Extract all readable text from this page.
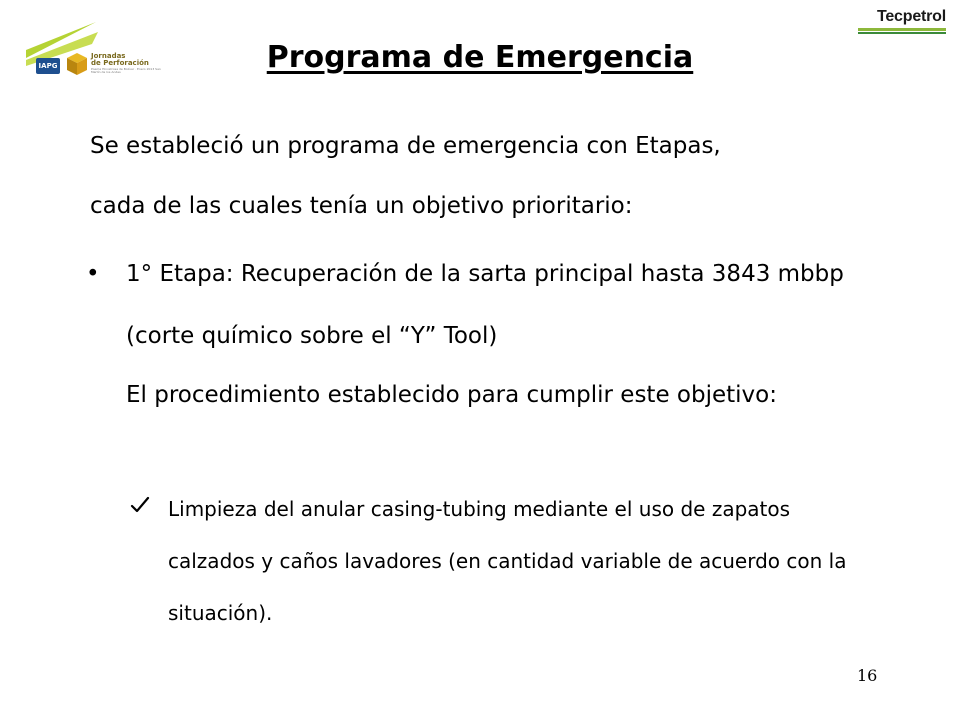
IAPG
Jornadas
de Perforación
Poema Hinostrosa de Bolívar · Enero 2013 San Martín de los Andes
Tecpetrol
Programa de Emergencia

Se estableció un programa de emergencia con Etapas,
cada de las cuales tenía un objetivo prioritario:

• 1° Etapa: Recuperación de la sarta principal hasta 3843 mbbp (corte químico sobre el “Y” Tool)

El procedimiento establecido para cumplir este objetivo:

Limpieza del anular casing-tubing mediante el uso de zapatos calzados y caños lavadores (en cantidad variable de acuerdo con la situación).

16
